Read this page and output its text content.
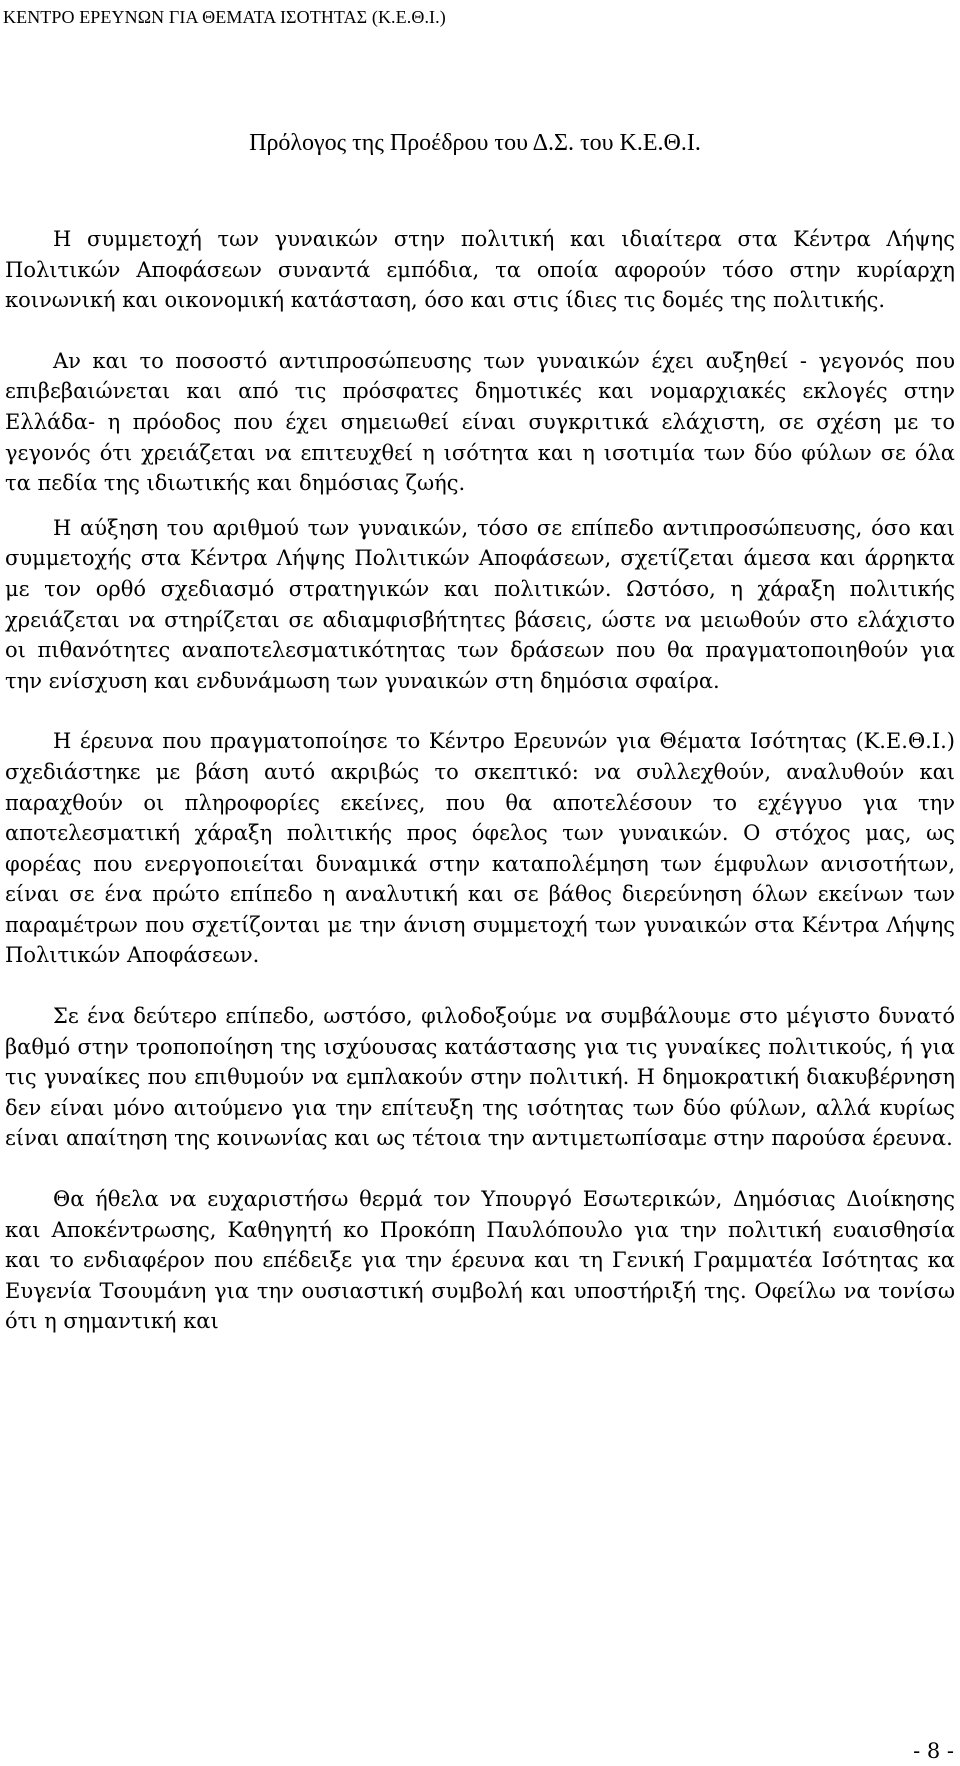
ΚΕΝΤΡΟ ΕΡΕΥΝΩΝ ΓΙΑ ΘΕΜΑΤΑ ΙΣΟΤΗΤΑΣ (Κ.Ε.Θ.Ι.)
Πρόλογος της Προέδρου του Δ.Σ. του Κ.Ε.Θ.Ι.

Η συμμετοχή των γυναικών στην πολιτική και ιδιαίτερα στα Κέντρα Λήψης Πολιτικών Αποφάσεων συναντά εμπόδια, τα οποία αφορούν τόσο στην κυρίαρχη κοινωνική και οικονομική κατάσταση, όσο και στις ίδιες τις δομές της πολιτικής.

Αν και το ποσοστό αντιπροσώπευσης των γυναικών έχει αυξηθεί - γεγονός που επιβεβαιώνεται και από τις πρόσφατες δημοτικές και νομαρχιακές εκλογές στην Ελλάδα- η πρόοδος που έχει σημειωθεί είναι συγκριτικά ελάχιστη, σε σχέση με το γεγονός ότι χρειάζεται να επιτευχθεί η ισότητα και η ισοτιμία των δύο φύλων σε όλα τα πεδία της ιδιωτικής και δημόσιας ζωής.

Η αύξηση του αριθμού των γυναικών, τόσο σε επίπεδο αντιπροσώπευσης, όσο και συμμετοχής στα Κέντρα Λήψης Πολιτικών Αποφάσεων, σχετίζεται άμεσα και άρρηκτα με τον ορθό σχεδιασμό στρατηγικών και πολιτικών. Ωστόσο, η χάραξη πολιτικής χρειάζεται να στηρίζεται σε αδιαμφισβήτητες βάσεις, ώστε να μειωθούν στο ελάχιστο οι πιθανότητες αναποτελεσματικότητας των δράσεων που θα πραγματοποιηθούν για την ενίσχυση και ενδυνάμωση των γυναικών στη δημόσια σφαίρα.

Η έρευνα που πραγματοποίησε το Κέντρο Ερευνών για Θέματα Ισότητας (Κ.Ε.Θ.Ι.) σχεδιάστηκε με βάση αυτό ακριβώς το σκεπτικό: να συλλεχθούν, αναλυθούν και παραχθούν οι πληροφορίες εκείνες, που θα αποτελέσουν το εχέγγυο για την αποτελεσματική χάραξη πολιτικής προς όφελος των γυναικών. Ο στόχος μας, ως φορέας που ενεργοποιείται δυναμικά στην καταπολέμηση των έμφυλων ανισοτήτων, είναι σε ένα πρώτο επίπεδο η αναλυτική και σε βάθος διερεύνηση όλων εκείνων των παραμέτρων που σχετίζονται με την άνιση συμμετοχή των γυναικών στα Κέντρα Λήψης Πολιτικών Αποφάσεων.

Σε ένα δεύτερο επίπεδο, ωστόσο, φιλοδοξούμε να συμβάλουμε στο μέγιστο δυνατό βαθμό στην τροποποίηση της ισχύουσας κατάστασης για τις γυναίκες πολιτικούς, ή για τις γυναίκες που επιθυμούν να εμπλακούν στην πολιτική. Η δημοκρατική διακυβέρνηση δεν είναι μόνο αιτούμενο για την επίτευξη της ισότητας των δύο φύλων, αλλά κυρίως είναι απαίτηση της κοινωνίας και ως τέτοια την αντιμετωπίσαμε στην παρούσα έρευνα.

Θα ήθελα να ευχαριστήσω θερμά τον Υπουργό Εσωτερικών, Δημόσιας Διοίκησης και Αποκέντρωσης, Καθηγητή κο Προκόπη Παυλόπουλο για την πολιτική ευαισθησία και το ενδιαφέρον που επέδειξε για την έρευνα και τη Γενική Γραμματέα Ισότητας κα Ευγενία Τσουμάνη για την ουσιαστική συμβολή και υποστήριξή της. Οφείλω να τονίσω ότι η σημαντική και

- 8 -
